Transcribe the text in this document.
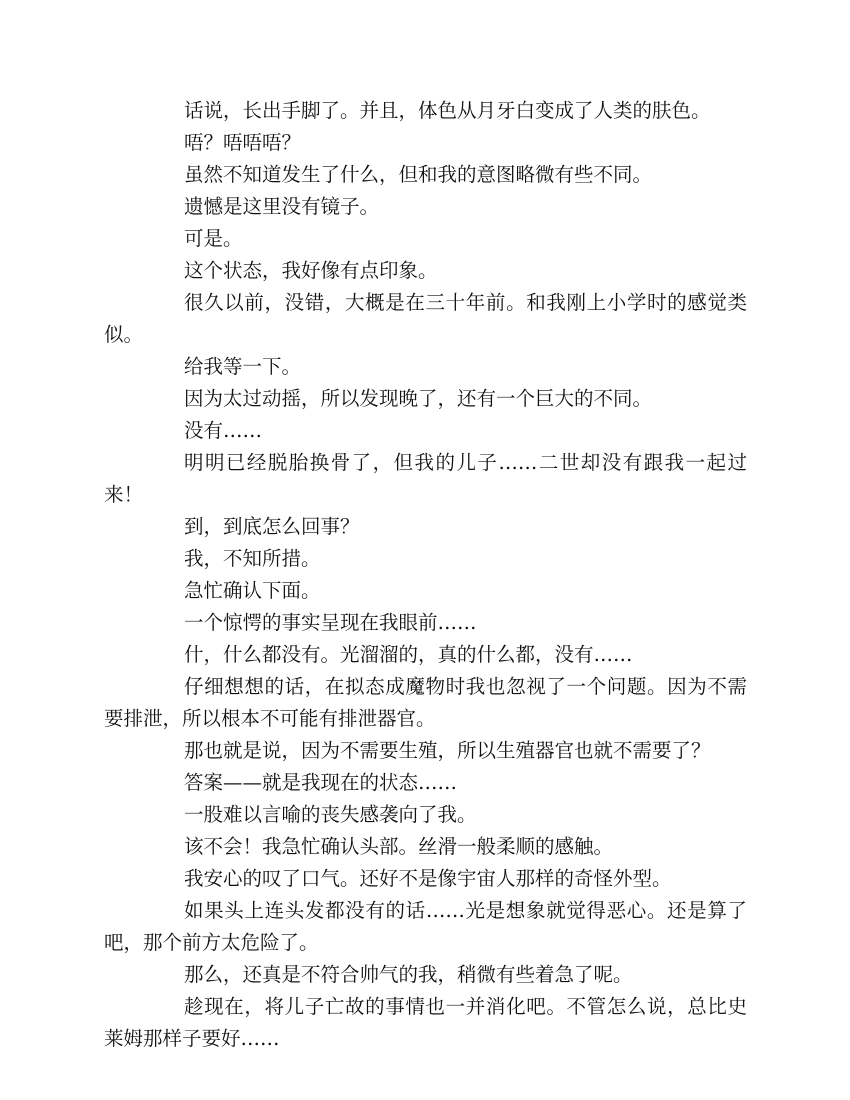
话说，长出手脚了。并且，体色从月牙白变成了人类的肤色。

唔？唔唔唔？

虽然不知道发生了什么，但和我的意图略微有些不同。

遗憾是这里没有镜子。

可是。

这个状态，我好像有点印象。

很久以前，没错，大概是在三十年前。和我刚上小学时的感觉类似。

给我等一下。

因为太过动摇，所以发现晚了，还有一个巨大的不同。

没有……

明明已经脱胎换骨了，但我的儿子……二世却没有跟我一起过来！

到，到底怎么回事？

我，不知所措。

急忙确认下面。

一个惊愕的事实呈现在我眼前……

什，什么都没有。光溜溜的，真的什么都，没有……

仔细想想的话，在拟态成魔物时我也忽视了一个问题。因为不需要排泄，所以根本不可能有排泄器官。

那也就是说，因为不需要生殖，所以生殖器官也就不需要了？

答案——就是我现在的状态……

一股难以言喻的丧失感袭向了我。

该不会！我急忙确认头部。丝滑一般柔顺的感触。

我安心的叹了口气。还好不是像宇宙人那样的奇怪外型。

如果头上连头发都没有的话……光是想象就觉得恶心。还是算了吧，那个前方太危险了。

那么，还真是不符合帅气的我，稍微有些着急了呢。

趁现在，将儿子亡故的事情也一并消化吧。不管怎么说，总比史莱姆那样子要好……
